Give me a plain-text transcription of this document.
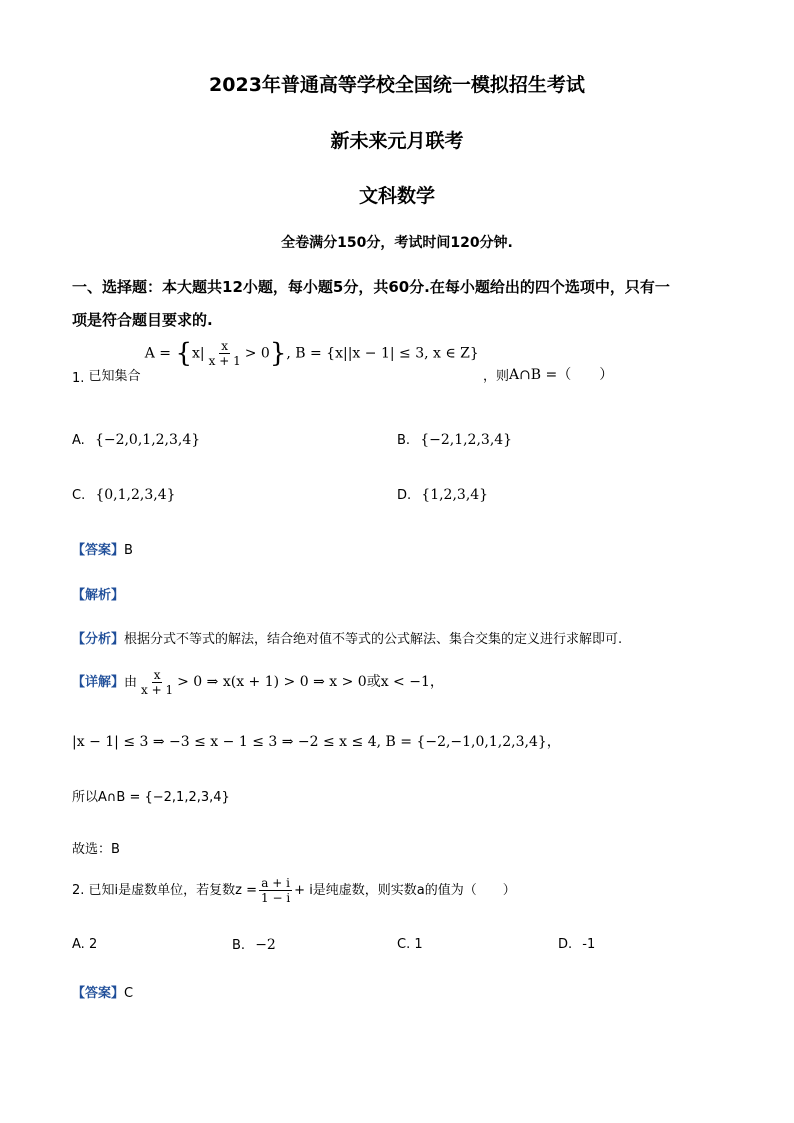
2023年普通高等学校全国统一模拟招生考试
新未来元月联考
文科数学
全卷满分150分，考试时间120分钟.
一、选择题：本大题共12小题，每小题5分，共60分.在每小题给出的四个选项中，只有一
项是符合题目要求的.
1. 已知集合 $A = \{x| \frac{x}{x + 1} > 0\}$, B = {x||x − 1| ≤ 3, x ∈ Z} ，则A∩B =（　　）
A. {−2,0,1,2,3,4}	B. {−2,1,2,3,4}
C. {0,1,2,3,4}	D. {1,2,3,4}
【答案】B
【解析】
【分析】根据分式不等式的解法，结合绝对值不等式的公式解法、集合交集的定义进行求解即可.
【详解】由 $\frac{x}{x + 1} > 0$ ⇒ x(x + 1) > 0 ⇒ x > 0或x < −1，
|x − 1| ≤ 3 ⇒ −3 ≤ x − 1 ≤ 3 ⇒ −2 ≤ x ≤ 4, B = {−2,−1,0,1,2,3,4}，
所以A∩B = {−2,1,2,3,4}
故选：B
2. 已知i是虚数单位，若复数$z = \frac{a + i}{1 - i} + i$是纯虚数，则实数a的值为（　　）
A. 2	B. −2	C. 1	D. -1
【答案】C
